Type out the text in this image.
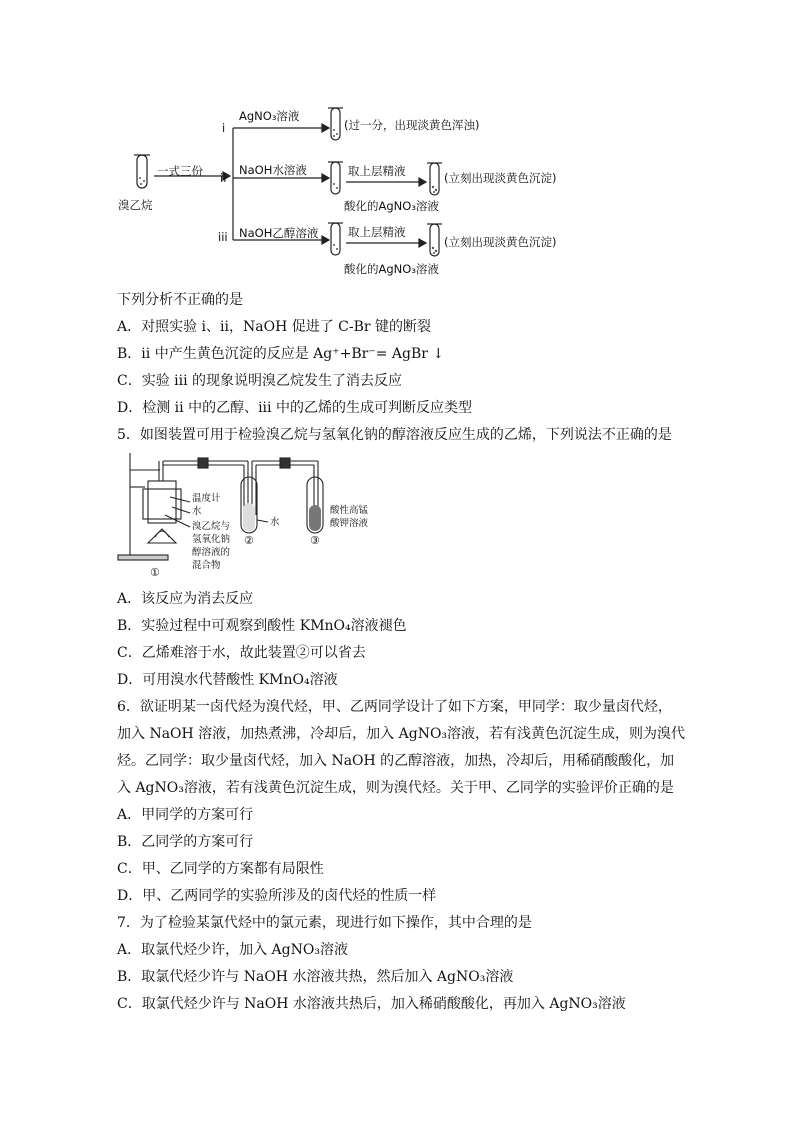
溴乙烷
一式三份
i
AgNO₃溶液
(过一分，出现淡黄色浑浊)
ii
NaOH水溶液	取上层精液
酸化的AgNO₃溶液
(立刻出现淡黄色沉淀)
iii NaOH乙醇溶液	取上层精液
酸化的AgNO₃溶液
(立刻出现淡黄色沉淀)
下列分析不正确的是
A．对照实验 i、ii，NaOH 促进了 C-Br 键的断裂
B．ii 中产生黄色沉淀的反应是 Ag⁺+Br⁻= AgBr ↓
C．实验 iii 的现象说明溴乙烷发生了消去反应
D．检测 ii 中的乙醇、iii 中的乙烯的生成可判断反应类型
5．如图装置可用于检验溴乙烷与氢氧化钠的醇溶液反应生成的乙烯，下列说法不正确的是
温度计
水
溴乙烷与
氢氧化钠
醇溶液的
混合物
水
酸性高锰
酸钾溶液
①
②	③
A．该反应为消去反应
B．实验过程中可观察到酸性 KMnO₄溶液褪色
C．乙烯难溶于水，故此装置②可以省去
D．可用溴水代替酸性 KMnO₄溶液
6．欲证明某一卤代烃为溴代烃，甲、乙两同学设计了如下方案，甲同学：取少量卤代烃，
加入 NaOH 溶液，加热煮沸，冷却后，加入 AgNO₃溶液，若有浅黄色沉淀生成，则为溴代
烃。乙同学：取少量卤代烃，加入 NaOH 的乙醇溶液，加热，冷却后，用稀硝酸酸化，加
入 AgNO₃溶液，若有浅黄色沉淀生成，则为溴代烃。关于甲、乙同学的实验评价正确的是
A．甲同学的方案可行
B．乙同学的方案可行
C．甲、乙同学的方案都有局限性
D．甲、乙两同学的实验所涉及的卤代烃的性质一样
7．为了检验某氯代烃中的氯元素，现进行如下操作，其中合理的是
A．取氯代烃少许，加入 AgNO₃溶液
B．取氯代烃少许与 NaOH 水溶液共热，然后加入 AgNO₃溶液
C．取氯代烃少许与 NaOH 水溶液共热后，加入稀硝酸酸化，再加入 AgNO₃溶液
